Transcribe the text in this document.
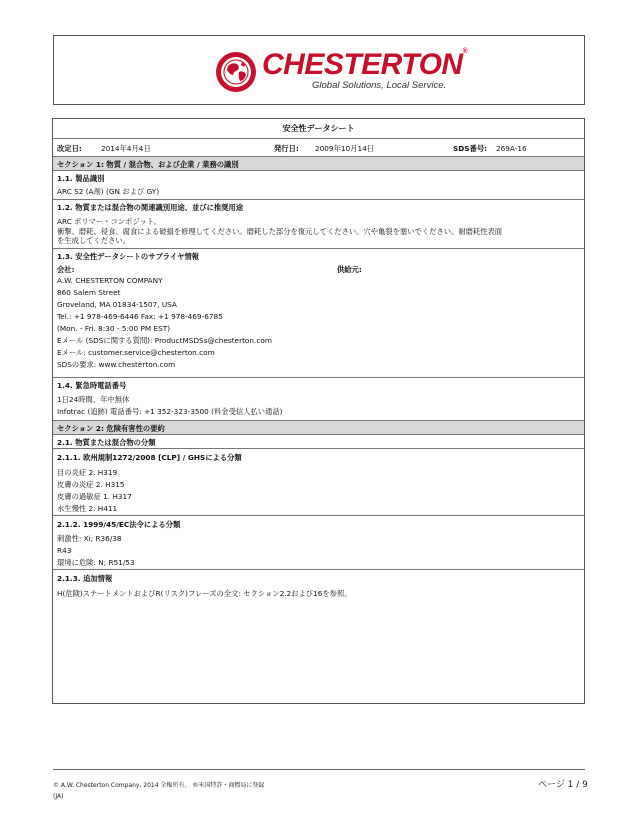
CHESTERTON®
Global Solutions, Local Service.
安全性データシート
改定日:	2014年4月4日	発行日: 2009年10月14日	SDS番号: 269A-16
セクション 1: 物質 / 混合物、および企業 / 業務の識別
1.1. 製品識別
ARC S2 (A剤) (GN および GY)
1.2. 物質または混合物の関連識別用途、並びに推奨用途
ARC ポリマー・コンポジット。
衝撃、磨耗、侵食、腐食による破損を修理してください。磨耗した部分を復元してください。穴や亀裂を塞いでください。耐磨耗性表面
を生成してください。
1.3. 安全性データシートのサプライヤ情報
会社:	供給元:
A.W. CHESTERTON COMPANY
860 Salem Street
Groveland, MA 01834-1507, USA
Tel.: +1 978-469-6446 Fax: +1 978-469-6785
(Mon. - Fri. 8:30 - 5:00 PM EST)
Eメール (SDSに関する質問): ProductMSDSs@chesterton.com
Eメール: customer.service@chesterton.com
SDSの要求: www.chesterton.com
1.4. 緊急時電話番号
1日24時間、年中無休
Infotrac (追跡) 電話番号: +1 352-323-3500 (料金受信人払い通話)
セクション 2: 危険有害性の要約
2.1. 物質または混合物の分類
2.1.1. 欧州規制1272/2008 [CLP] / GHSによる分類
目の炎症 2. H319
皮膚の炎症 2. H315
皮膚の過敏症 1. H317
水生慢性 2. H411
2.1.2. 1999/45/EC法令による分類
刺激性: Xi; R36/38
R43
環境に危険: N; R51/53
2.1.3. 追加情報
H(危険)ステートメントおよびR(リスク)フレーズの全文: セクション2.2および16を参照。
© A.W. Chesterton Company, 2014 全権所有。 ®米国特許・商標局に登録
(JA)
ページ 1 / 9
